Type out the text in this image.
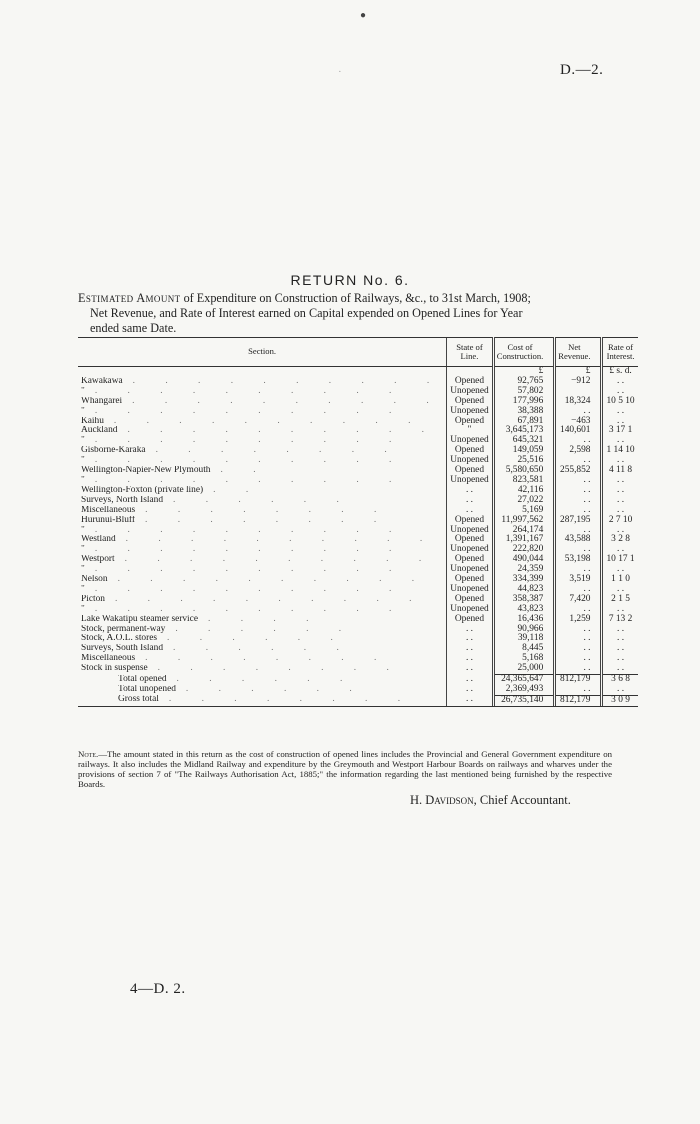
●
·	D.—2.
RETURN No. 6.
Estimated Amount of Expenditure on Construction of Railways, &c., to 31st March, 1908;
Net Revenue, and Rate of Interest earned on Capital expended on Opened Lines for Year
ended same Date.
Section.	State of Line.	Cost of Construction.	Net Revenue.	Rate of Interest.
		£	£	£ s. d.
Kawakawa . . . . . . . . . .	Opened	92,765	−912	. .
" . . . . . . . . . .	Unopened	57,802		. .
Whangarei . . . . . . . . . .	Opened	177,996	18,324	10 5 10
" . . . . . . . . . .	Unopened	38,388	. .	. .
Kaihu . . . . . . . . . .	Opened	67,891	−463	. .
Auckland . . . . . . . . . .	"	3,645,173	140,601	3 17 1
" . . . . . . . . . .	Unopened	645,321	. .	. .
Gisborne-Karaka . . . . . . . .	Opened	149,059	2,598	1 14 10
" . . . . . . . . . .	Unopened	25,516	. .	. .
Wellington-Napier-New Plymouth . .	Opened	5,580,650	255,852	4 11 8
" . . . . . . . . . .	Unopened	823,581	. .	. .
Wellington-Foxton (private line) . .	. .	42,116	. .	. .
Surveys, North Island . . . . . .	. .	27,022	. .	. .
Miscellaneous . . . . . . . .	. .	5,169	. .	. .
Hurunui-Bluff . . . . . . . .	Opened	11,997,562	287,195	2 7 10
" . . . . . . . . . .	Unopened	264,174	. .	. .
Westland . . . . . . . . . .	Opened	1,391,167	43,588	3 2 8
" . . . . . . . . . .	Unopened	222,820	. .	. .
Westport . . . . . . . . . .	Opened	490,044	53,198	10 17 1
" . . . . . . . . . .	Unopened	24,359	. .	. .
Nelson . . . . . . . . . .	Opened	334,399	3,519	1 1 0
" . . . . . . . . . .	Unopened	44,823	. .	. .
Picton . . . . . . . . . .	Opened	358,387	7,420	2 1 5
" . . . . . . . . . .	Unopened	43,823	. .	. .
Lake Wakatipu steamer service . . . .	Opened	16,436	1,259	7 13 2
Stock, permanent-way . . . . . .	. .	90,966	. .	. .
Stock, A.O.L. stores . . . . . .	. .	39,118	. .	. .
Surveys, South Island . . . . . .	. .	8,445	. .	. .
Miscellaneous . . . . . . . .	. .	5,168	. .	. .
Stock in suspense . . . . . . . .	. .	25,000	. .	. .
Total opened . . . . . .	. .	24,365,647	812,179	3 6 8
Total unopened . . . . . .	. .	2,369,493	. .	. .
Gross total . . . . . . . .	. .	26,735,140	812,179	3 0 9

Note.—The amount stated in this return as the cost of construction of opened lines includes the Provincial and General Government expenditure on railways. It also includes the Midland Railway and expenditure by the Greymouth and Westport Harbour Boards on railways and wharves under the provisions of section 7 of "The Railways Authorisation Act, 1885;" the information regarding the last mentioned being furnished by the respective Boards.
H. Davidson, Chief Accountant.
4—D. 2.
